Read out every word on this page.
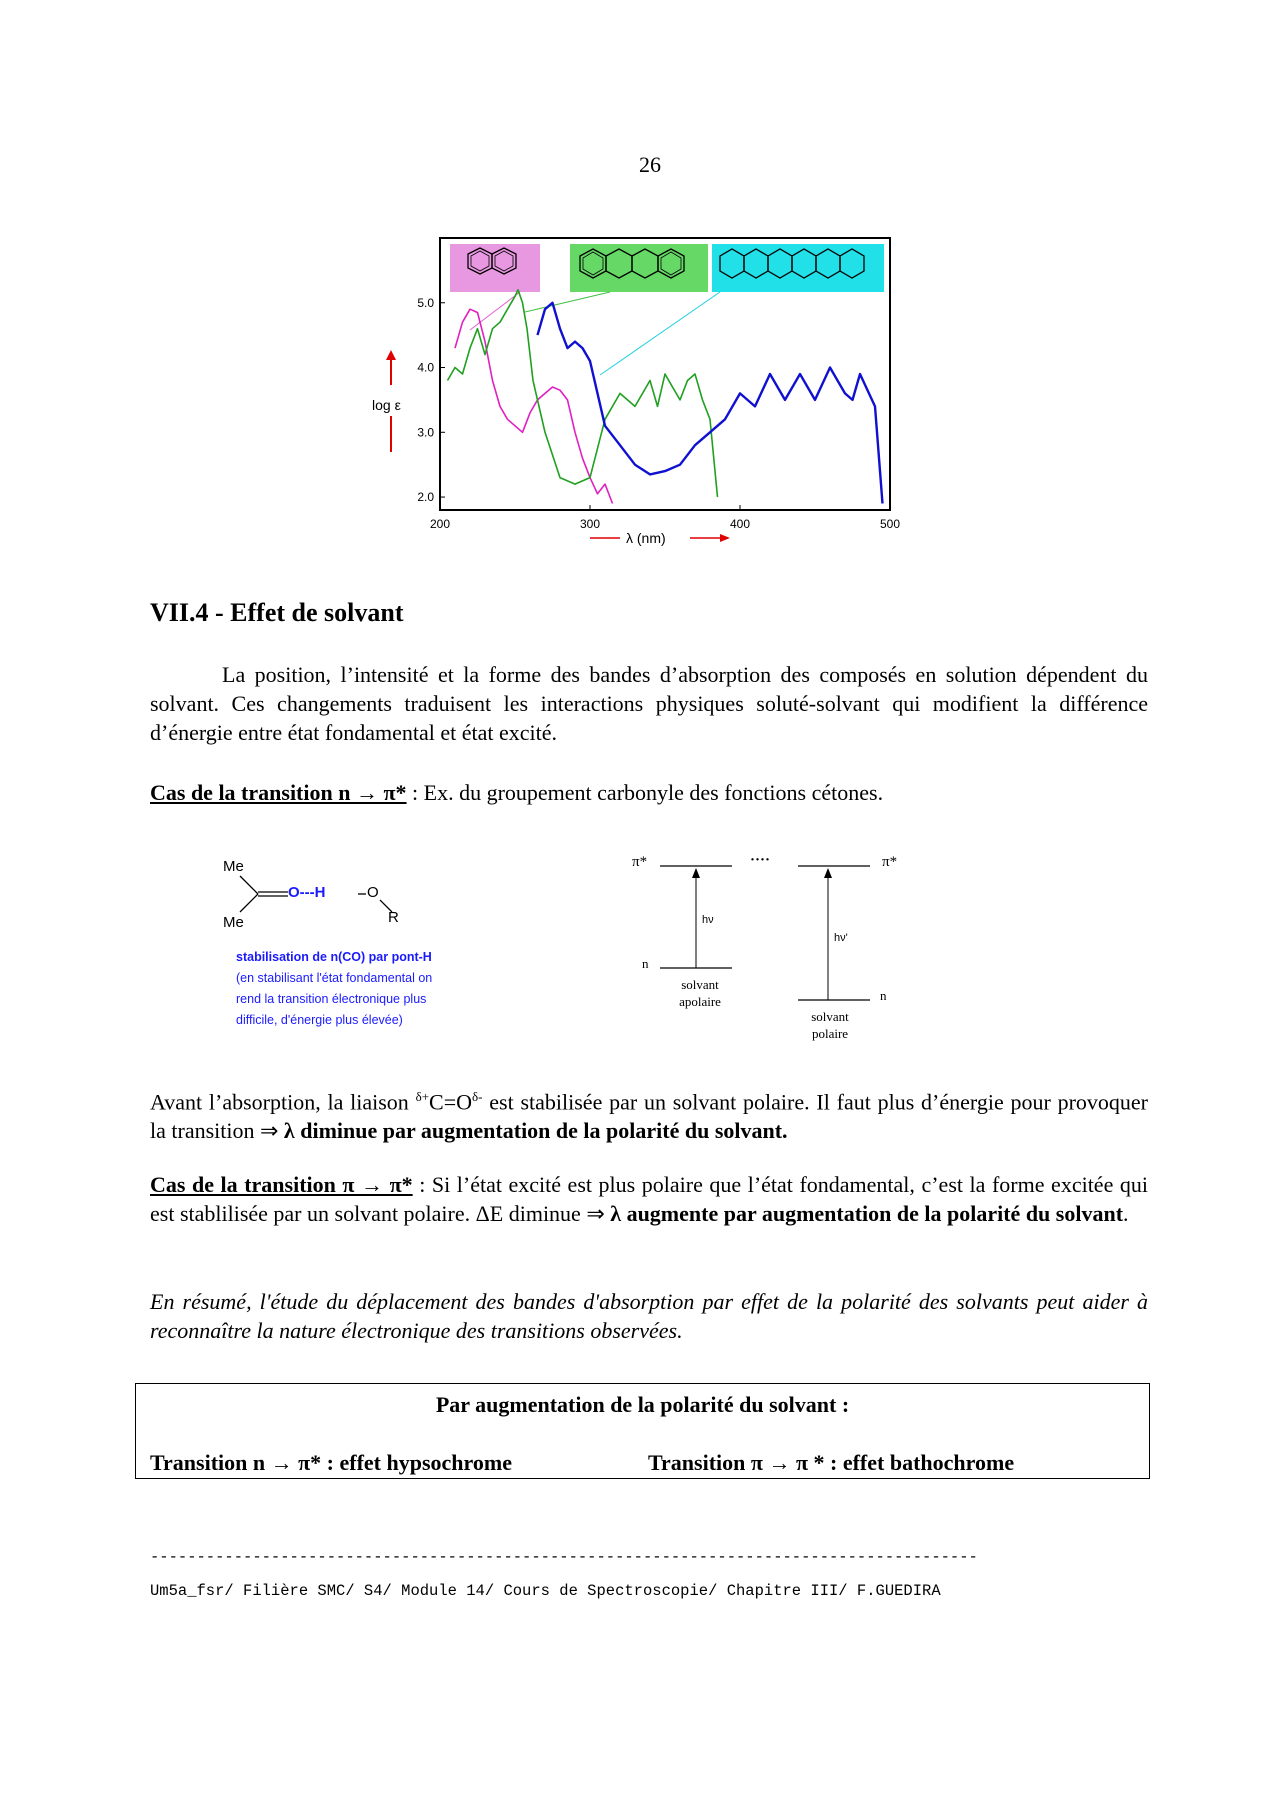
26
200	300	400	500
2.0
3.0
4.0
5.0
log ε
λ (nm)
VII.4 - Effet de solvant
La position, l’intensité et la forme des bandes d’absorption des composés en solution dépendent du solvant. Ces changements traduisent les interactions physiques soluté-solvant qui modifient la différence d’énergie entre état fondamental et état excité.
Cas de la transition n → π* : Ex. du groupement carbonyle des fonctions cétones.
Me
Me
O---H	O
R
stabilisation de n(CO) par pont-H
(en stabilisant l'état fondamental on
rend la transition électronique plus
difficile, d'énergie plus élevée)
π*	····	π*
hν
hν'
n
n
solvant
apolaire
solvant
polaire
Avant l’absorption, la liaison $^{\delta+}C=O^{\delta-}$ est stabilisée par un solvant polaire. Il faut plus d’énergie pour provoquer la transition ⇒ λ diminue par augmentation de la polarité du solvant.
Cas de la transition π → π* : Si l’état excité est plus polaire que l’état fondamental, c’est la forme excitée qui est stablilisée par un solvant polaire. ΔE diminue ⇒ λ augmente par augmentation de la polarité du solvant.
En résumé, l'étude du déplacement des bandes d'absorption par effet de la polarité des solvants peut aider à reconnaître la nature électronique des transitions observées.
Par augmentation de la polarité du solvant :
Transition n → π* : effet hypsochrome	Transition π → π * : effet bathochrome
-----------------------------------------------------------------------------------------
Um5a_fsr/ Filière SMC/ S4/ Module 14/ Cours de Spectroscopie/ Chapitre III/ F.GUEDIRA
